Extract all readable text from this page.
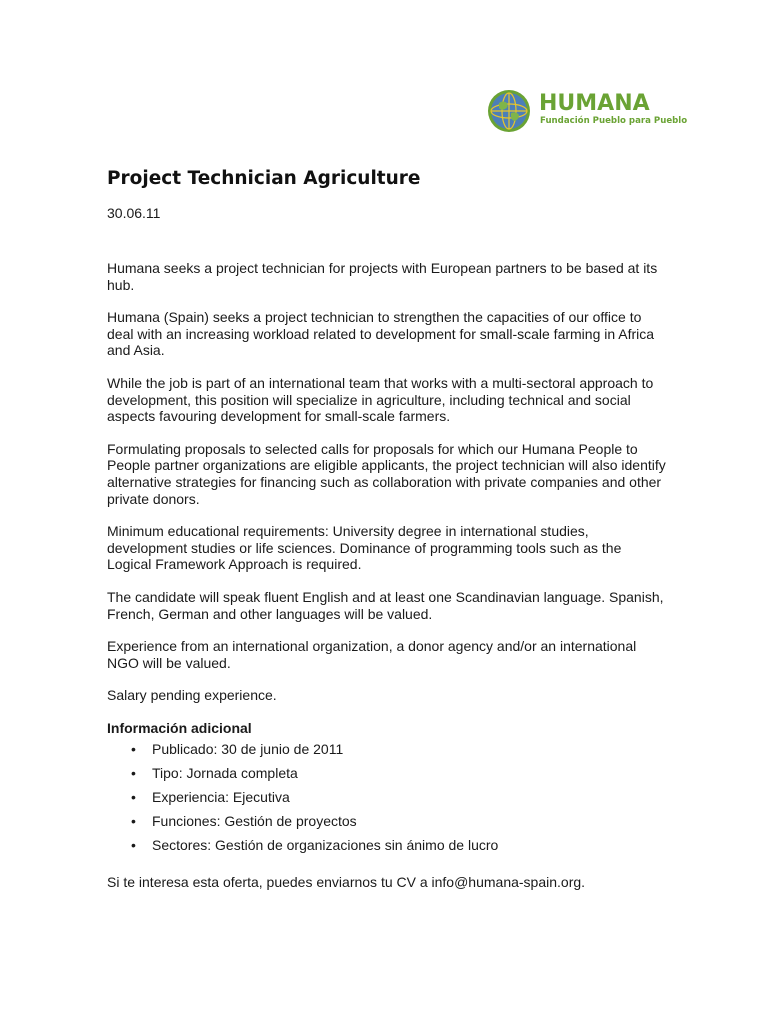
HUMANA
Fundación Pueblo para Pueblo
Project Technician Agriculture

30.06.11

Humana seeks a project technician for projects with European partners to be based at its hub.

Humana (Spain) seeks a project technician to strengthen the capacities of our office to deal with an increasing workload related to development for small-scale farming in Africa and Asia.

While the job is part of an international team that works with a multi-sectoral approach to development, this position will specialize in agriculture, including technical and social aspects favouring development for small-scale farmers.

Formulating proposals to selected calls for proposals for which our Humana People to People partner organizations are eligible applicants, the project technician will also identify alternative strategies for financing such as collaboration with private companies and other private donors.

Minimum educational requirements: University degree in international studies, development studies or life sciences. Dominance of programming tools such as the Logical Framework Approach is required.

The candidate will speak fluent English and at least one Scandinavian language. Spanish, French, German and other languages will be valued.

Experience from an international organization, a donor agency and/or an international NGO will be valued.

Salary pending experience.

Información adicional
• Publicado: 30 de junio de 2011
• Tipo: Jornada completa
• Experiencia: Ejecutiva
• Funciones: Gestión de proyectos
• Sectores: Gestión de organizaciones sin ánimo de lucro

Si te interesa esta oferta, puedes enviarnos tu CV a info@humana-spain.org.
